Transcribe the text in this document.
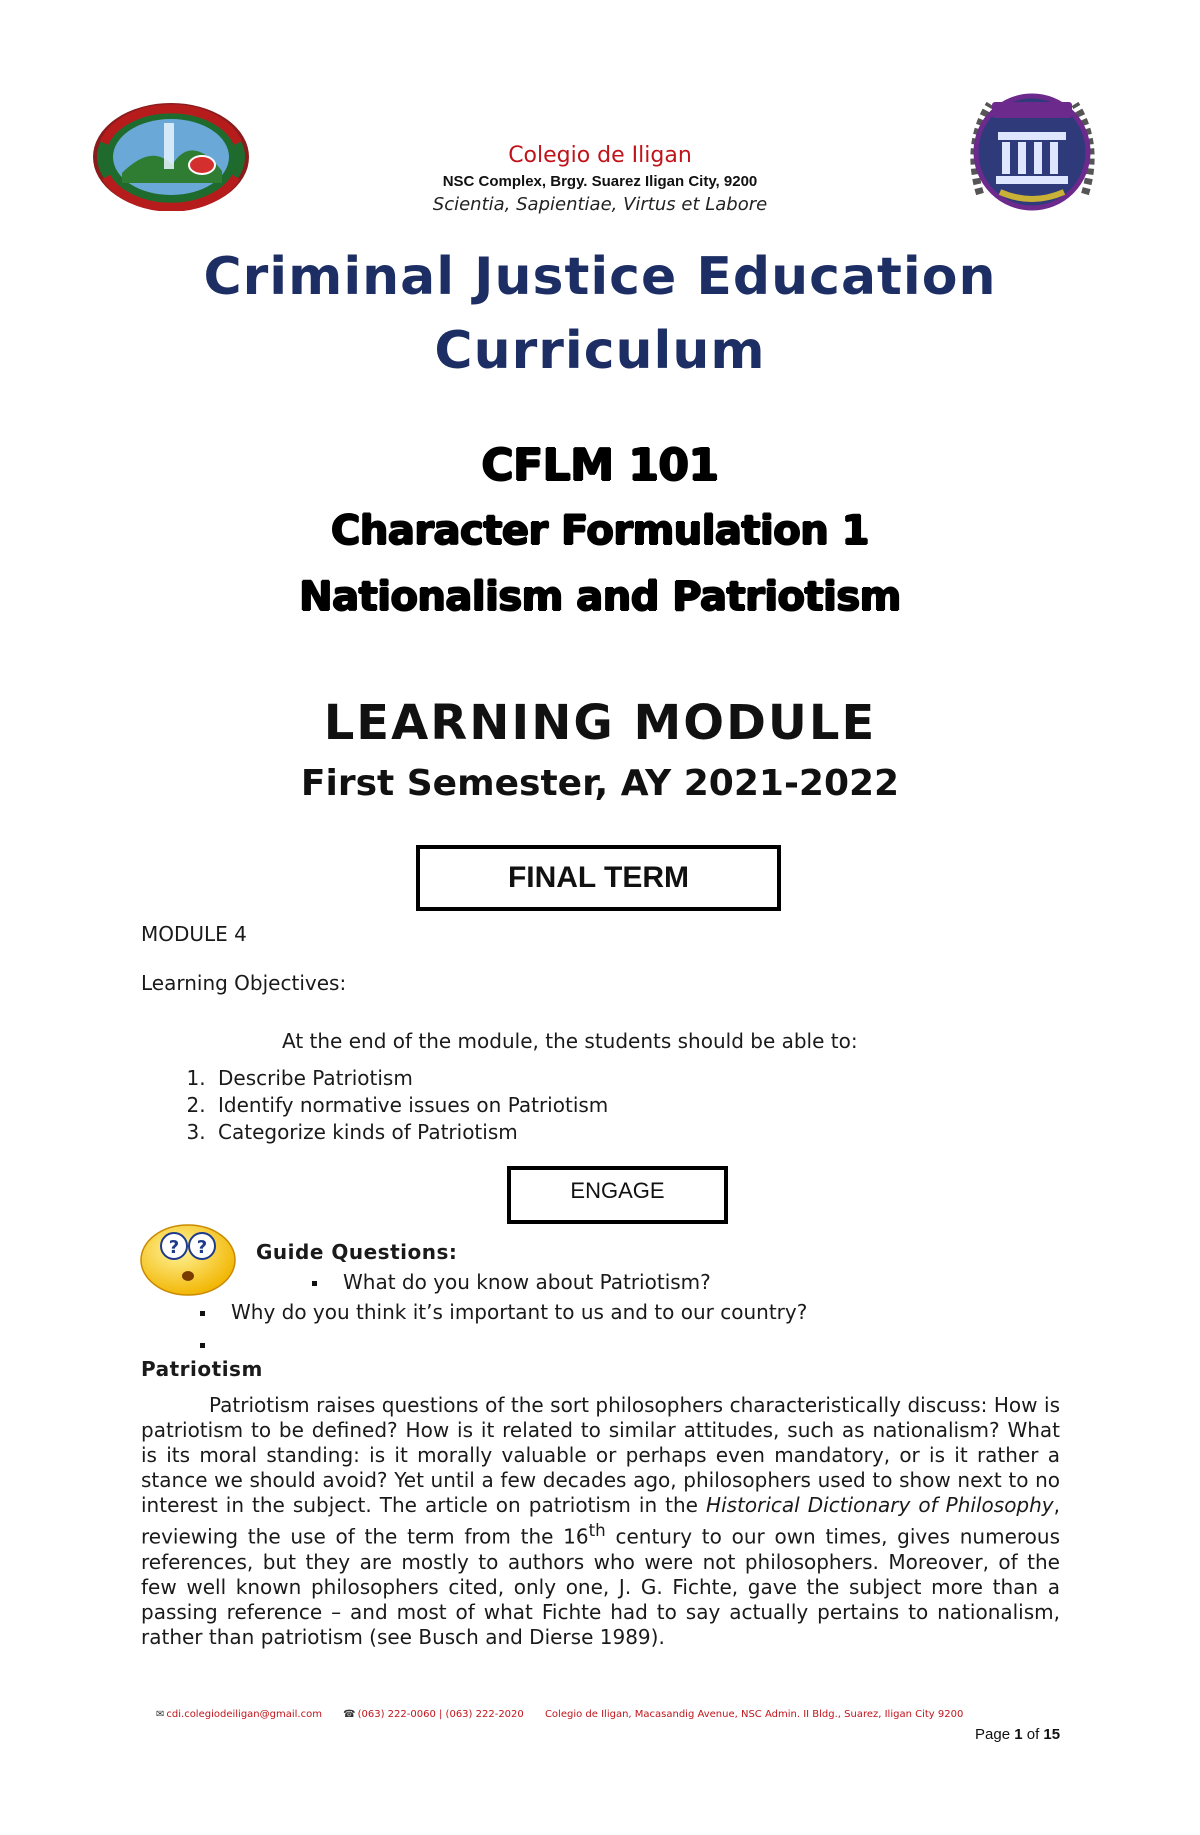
Colegio de Iligan
NSC Complex, Brgy. Suarez Iligan City, 9200
Scientia, Sapientiae, Virtus et Labore
Criminal Justice Education
Curriculum
CFLM 101
Character Formulation 1
Nationalism and Patriotism
LEARNING MODULE
First Semester, AY 2021-2022
FINAL TERM
MODULE 4
Learning Objectives:
At the end of the module, the students should be able to:
1. Describe Patriotism
2. Identify normative issues on Patriotism
3. Categorize kinds of Patriotism
ENGAGE
? ? Guide Questions:
What do you know about Patriotism?
Why do you think it’s important to us and to our country?
Patriotism
Patriotism raises questions of the sort philosophers characteristically discuss: How is patriotism to be defined? How is it related to similar attitudes, such as nationalism? What is its moral standing: is it morally valuable or perhaps even mandatory, or is it rather a stance we should avoid? Yet until a few decades ago, philosophers used to show next to no interest in the subject. The article on patriotism in the Historical Dictionary of Philosophy, reviewing the use of the term from the 16th century to our own times, gives numerous references, but they are mostly to authors who were not philosophers. Moreover, of the few well known philosophers cited, only one, J. G. Fichte, gave the subject more than a passing reference – and most of what Fichte had to say actually pertains to nationalism, rather than patriotism (see Busch and Dierse 1989).
✉ cdi.colegiodeiligan@gmail.com ☎ (063) 222-0060 | (063) 222-2020 Colegio de Iligan, Macasandig Avenue, NSC Admin. II Bldg., Suarez, Iligan City 9200
Page 1 of 15
